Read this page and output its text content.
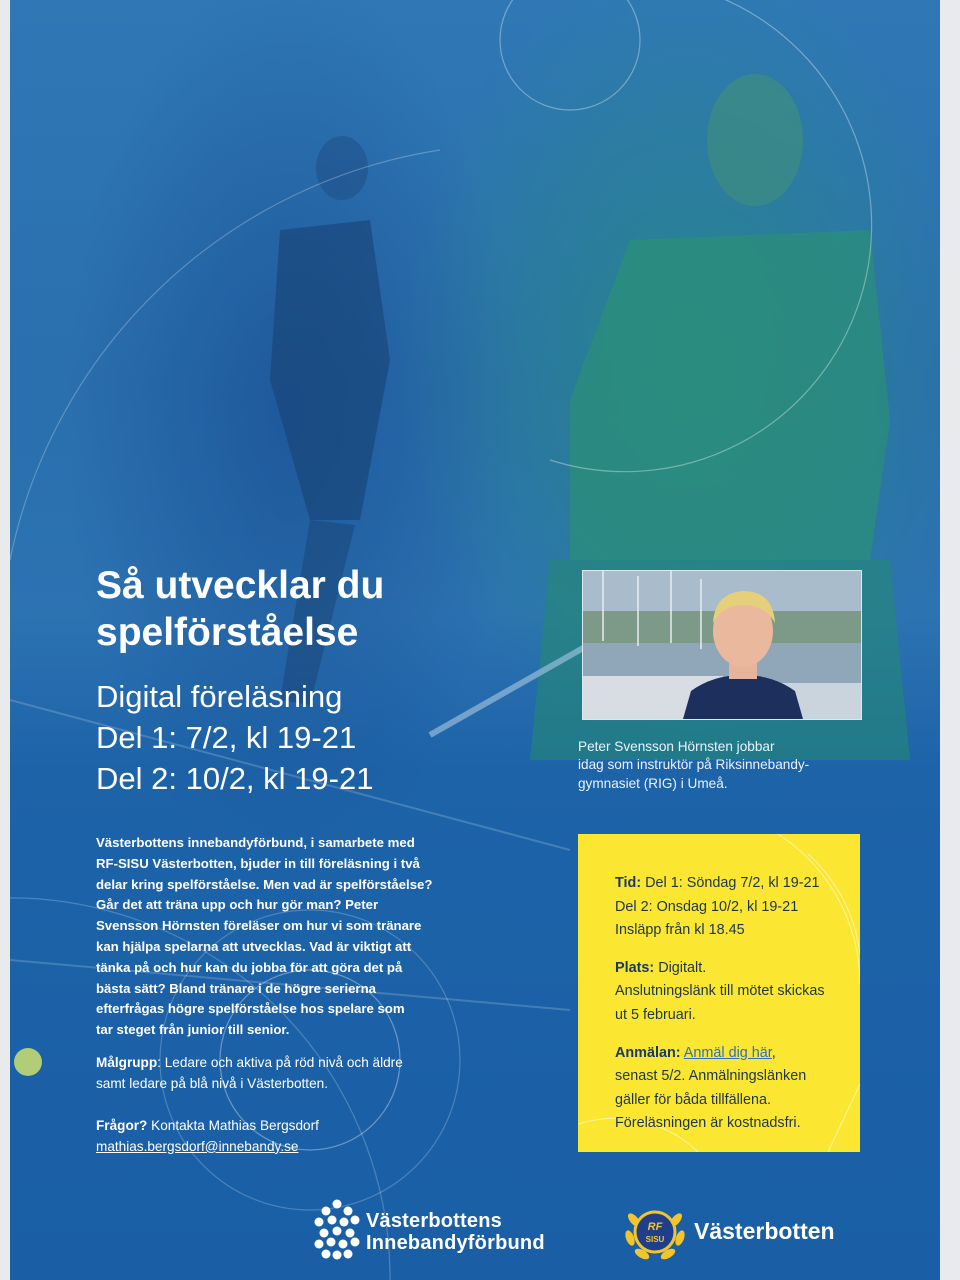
Så utvecklar du
spelförståelse
Digital föreläsning
Del 1: 7/2, kl 19-21
Del 2: 10/2, kl 19-21
Västerbottens innebandyförbund, i samarbete med
RF-SISU Västerbotten, bjuder in till föreläsning i två
delar kring spelförståelse. Men vad är spelförståelse?
Går det att träna upp och hur gör man? Peter
Svensson Hörnsten föreläser om hur vi som tränare
kan hjälpa spelarna att utvecklas. Vad är viktigt att
tänka på och hur kan du jobba för att göra det på
bästa sätt? Bland tränare i de högre serierna
efterfrågas högre spelförståelse hos spelare som
tar steget från junior till senior.
Målgrupp: Ledare och aktiva på röd nivå och äldre
samt ledare på blå nivå i Västerbotten.
Frågor? Kontakta Mathias Bergsdorf
mathias.bergsdorf@innebandy.se
Peter Svensson Hörnsten jobbar
idag som instruktör på Riksinnebandy-
gymnasiet (RIG) i Umeå.
Tid: Del 1: Söndag 7/2, kl 19-21
Del 2: Onsdag 10/2, kl 19-21
Insläpp från kl 18.45
Plats: Digitalt.
Anslutningslänk till mötet skickas
ut 5 februari.
Anmälan: Anmäl dig här,
senast 5/2. Anmälningslänken
gäller för båda tillfällena.
Föreläsningen är kostnadsfri.
Västerbottens
Innebandyförbund
RF
SISU Västerbotten
